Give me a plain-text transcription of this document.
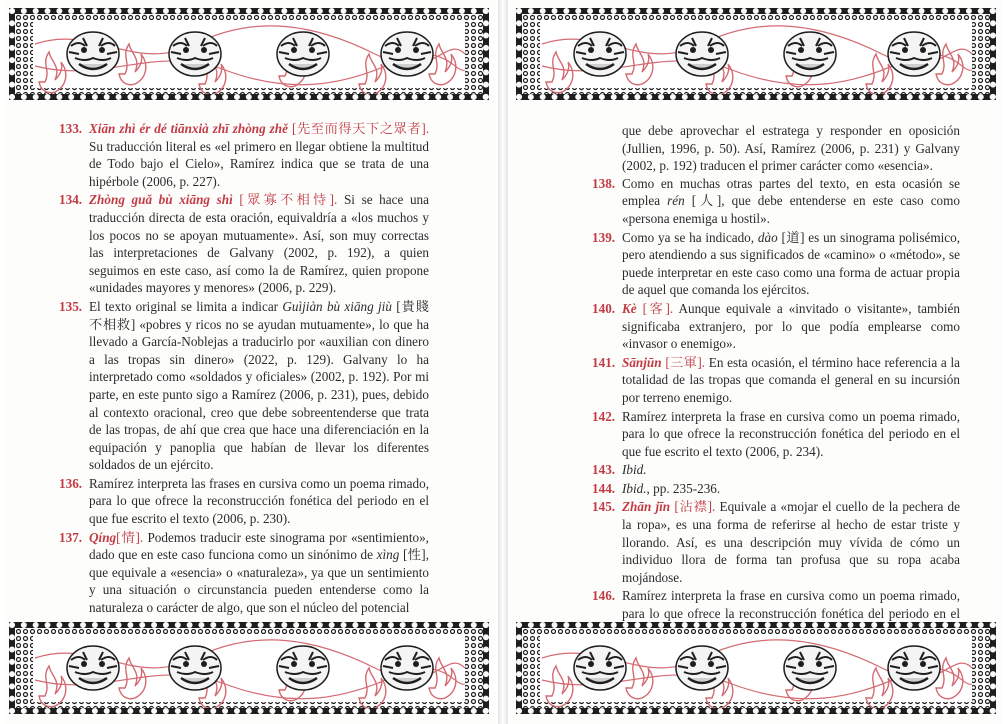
133. Xiān zhì ér dé tiānxià zhī zhòng zhě [先至而得天下之眾者]. Su traducción literal es «el primero en llegar obtiene la multitud de Todo bajo el Cielo», Ramírez indica que se trata de una hipérbole (2006, p. 227).
134. Zhòng guǎ bù xiāng shì [眾寡不相恃]. Si se hace una traducción directa de esta oración, equivaldría a «los muchos y los pocos no se apoyan mutuamente». Así, son muy correctas las interpretaciones de Galvany (2002, p. 192), a quien seguimos en este caso, así como la de Ramírez, quien propone «unidades mayores y menores» (2006, p. 229).
135. El texto original se limita a indicar Guìjiàn bù xiāng jiù [貴賤不相救] «pobres y ricos no se ayudan mutuamente», lo que ha llevado a García-Noblejas a traducirlo por «auxilian con dinero a las tropas sin dinero» (2022, p. 129). Galvany lo ha interpretado como «soldados y oficiales» (2002, p. 192). Por mi parte, en este punto sigo a Ramírez (2006, p. 231), pues, debido al contexto oracional, creo que debe sobreentenderse que trata de las tropas, de ahí que crea que hace una diferenciación en la equipación y panoplia que habían de llevar los diferentes soldados de un ejército.
136. Ramírez interpreta las frases en cursiva como un poema rimado, para lo que ofrece la reconstrucción fonética del periodo en el que fue escrito el texto (2006, p. 230).
137. Qíng[情]. Podemos traducir este sinograma por «sentimiento», dado que en este caso funciona como un sinónimo de xìng [性], que equivale a «esencia» o «naturaleza», ya que un sentimiento y una situación o circunstancia pueden entenderse como la naturaleza o carácter de algo, que son el núcleo del potencial
que debe aprovechar el estratega y responder en oposición (Jullien, 1996, p. 50). Así, Ramírez (2006, p. 231) y Galvany (2002, p. 192) traducen el primer carácter como «esencia».
138. Como en muchas otras partes del texto, en esta ocasión se emplea rén [人], que debe entenderse en este caso como «persona enemiga u hostil».
139. Como ya se ha indicado, dào [道] es un sinograma polisémico, pero atendiendo a sus significados de «camino» o «método», se puede interpretar en este caso como una forma de actuar propia de aquel que comanda los ejércitos.
140. Kè [客]. Aunque equivale a «invitado o visitante», también significaba extranjero, por lo que podía emplearse como «invasor o enemigo».
141. Sānjūn [三軍]. En esta ocasión, el término hace referencia a la totalidad de las tropas que comanda el general en su incursión por terreno enemigo.
142. Ramírez interpreta la frase en cursiva como un poema rimado, para lo que ofrece la reconstrucción fonética del periodo en el que fue escrito el texto (2006, p. 234).
143. Ibid.
144. Ibid., pp. 235-236.
145. Zhān jīn [沾襟]. Equivale a «mojar el cuello de la pechera de la ropa», es una forma de referirse al hecho de estar triste y llorando. Así, es una descripción muy vívida de cómo un individuo llora de forma tan profusa que su ropa acaba mojándose.
146. Ramírez interpreta la frase en cursiva como un poema rimado, para lo que ofrece la reconstrucción fonética del periodo en el
